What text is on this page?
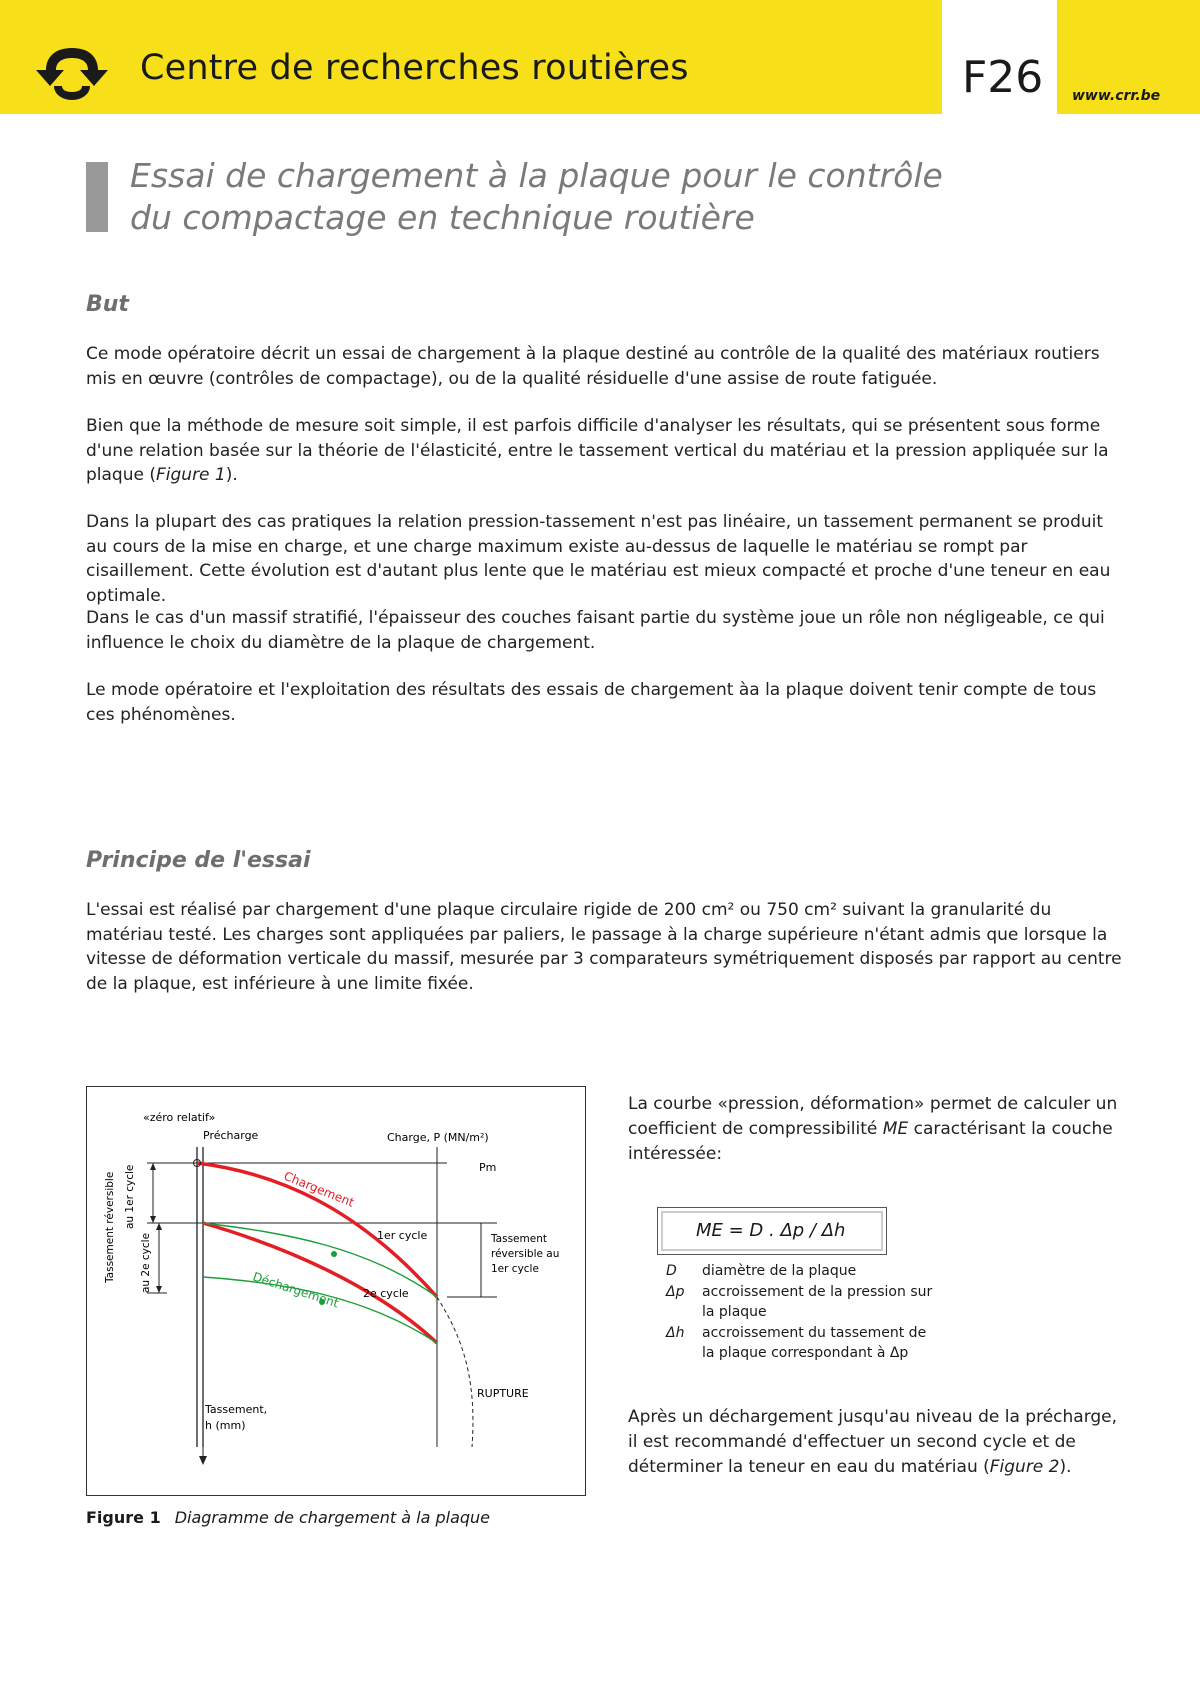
Centre de recherches routières	F26 www.crr.be
Essai de chargement à la plaque pour le contrôle
du compactage en technique routière
But

Ce mode opératoire décrit un essai de chargement à la plaque destiné au contrôle de la qualité des matériaux routiers mis en œuvre (contrôles de compactage), ou de la qualité résiduelle d'une assise de route fatiguée.

Bien que la méthode de mesure soit simple, il est parfois difficile d'analyser les résultats, qui se présentent sous forme d'une relation basée sur la théorie de l'élasticité, entre le tassement vertical du matériau et la pression appliquée sur la plaque (Figure 1).

Dans la plupart des cas pratiques la relation pression-tassement n'est pas linéaire, un tassement permanent se produit au cours de la mise en charge, et une charge maximum existe au-dessus de laquelle le matériau se rompt par cisaillement. Cette évolution est d'autant plus lente que le matériau est mieux compacté et proche d'une teneur en eau optimale.

Dans le cas d'un massif stratifié, l'épaisseur des couches faisant partie du système joue un rôle non négligeable, ce qui influence le choix du diamètre de la plaque de chargement.

Le mode opératoire et l'exploitation des résultats des essais de chargement àa la plaque doivent tenir compte de tous ces phénomènes.

Principe de l'essai

L'essai est réalisé par chargement d'une plaque circulaire rigide de 200 cm² ou 750 cm² suivant la granularité du matériau testé. Les charges sont appliquées par paliers, le passage à la charge supérieure n'étant admis que lorsque la vitesse de déformation verticale du massif, mesurée par 3 comparateurs symétriquement disposés par rapport au centre de la plaque, est inférieure à une limite fixée.

«zéro relatif»
Précharge	Charge, P (MN/m²)
Pm
Chargement
Déchargement
1er cycle
2e cycle
Tassement
réversible au
1er cycle
Tassement réversible au 1er cycle
au 2e cycle
RUPTURE
Tassement,
h (mm)
Figure 1 Diagramme de chargement à la plaque

La courbe «pression, déformation» permet de calculer un coefficient de compressibilité ME caractérisant la couche intéressée:

ME = D . Δp / Δh
D	diamètre de la plaque
Δp	accroissement de la pression sur la plaque
Δh	accroissement du tassement de la plaque correspondant à Δp

Après un déchargement jusqu'au niveau de la précharge, il est recommandé d'effectuer un second cycle et de déterminer la teneur en eau du matériau (Figure 2).
